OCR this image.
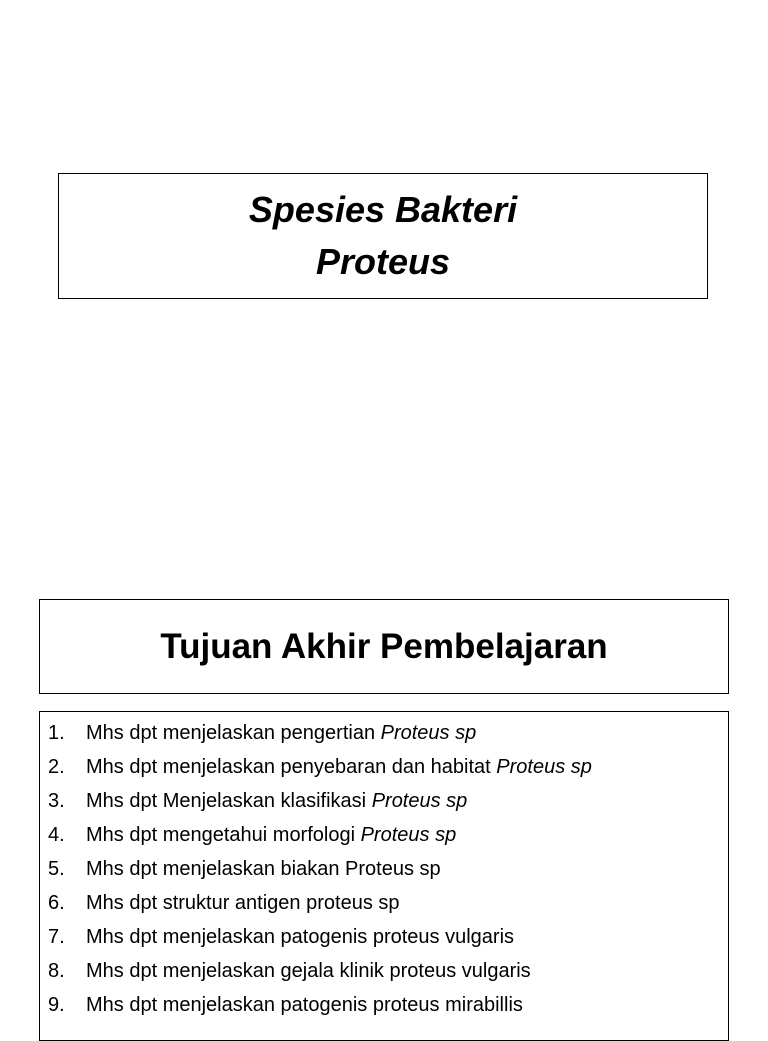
Spesies Bakteri
Proteus
Tujuan Akhir Pembelajaran
1.	Mhs dpt menjelaskan pengertian Proteus sp
2.	Mhs dpt menjelaskan penyebaran dan habitat Proteus sp
3.	Mhs dpt Menjelaskan klasifikasi Proteus sp
4.	Mhs dpt mengetahui morfologi Proteus sp
5.	Mhs dpt menjelaskan biakan Proteus sp
6.	Mhs dpt struktur antigen proteus sp
7.	Mhs dpt menjelaskan patogenis proteus vulgaris
8.	Mhs dpt menjelaskan gejala klinik proteus vulgaris
9.	Mhs dpt menjelaskan patogenis proteus mirabillis
